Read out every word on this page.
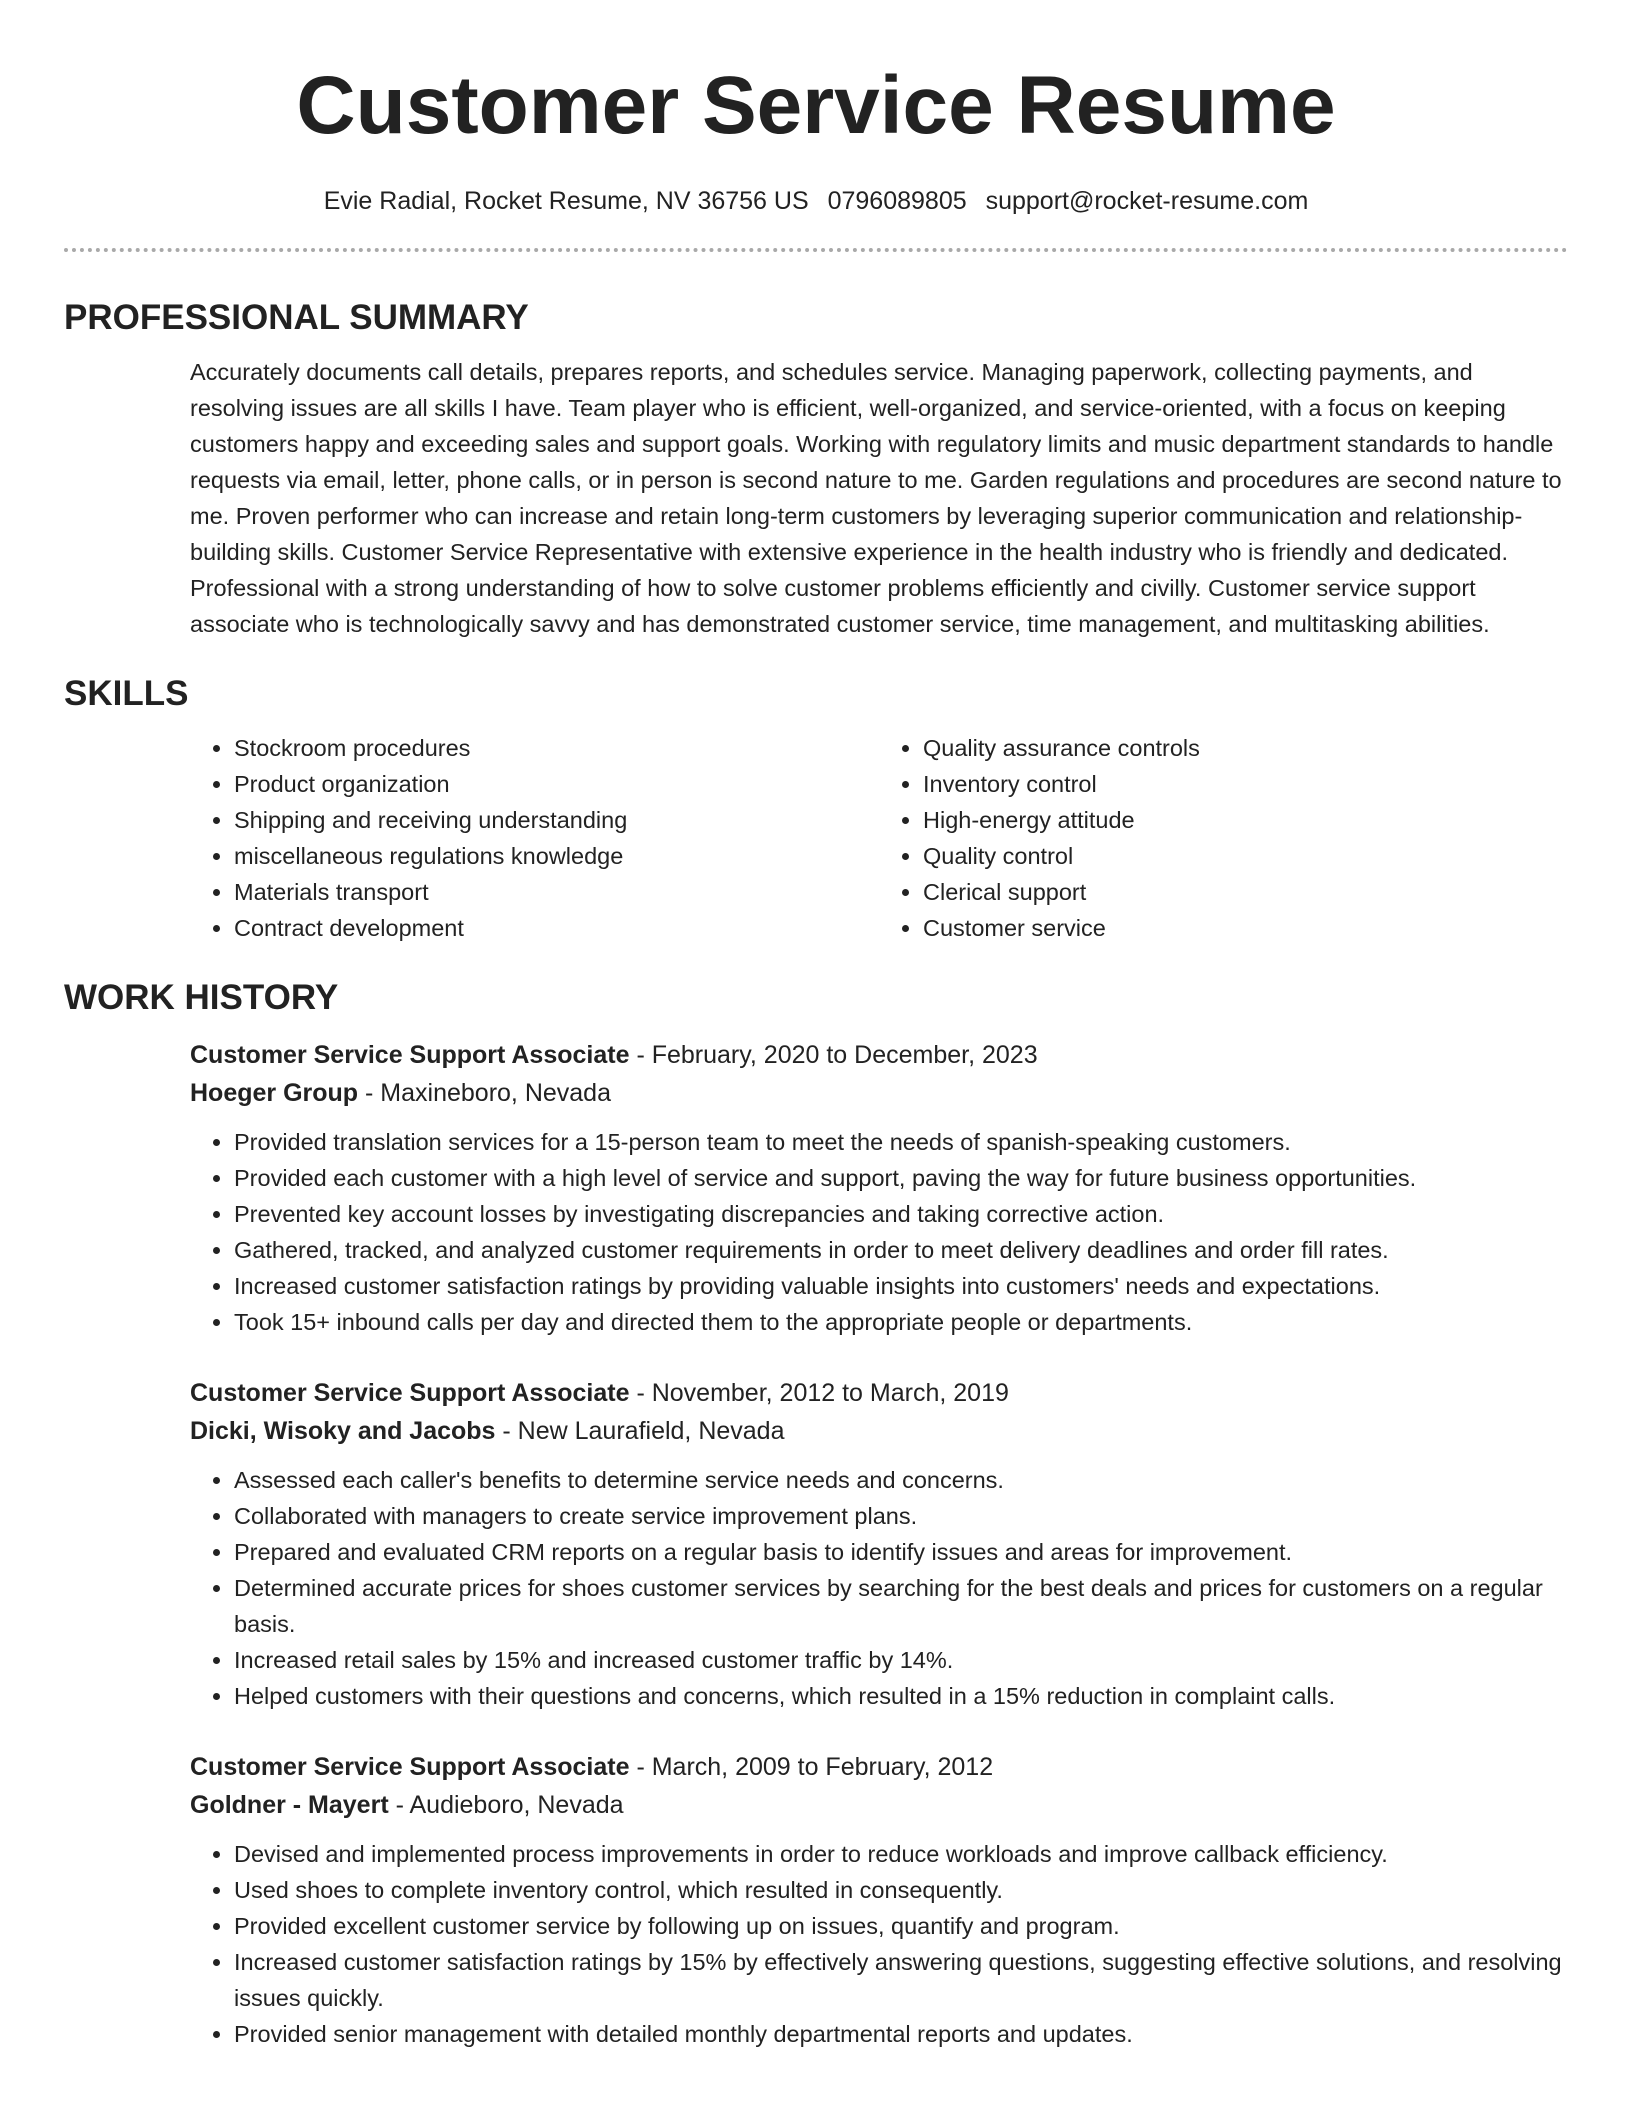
Customer Service Resume
Evie Radial, Rocket Resume, NV 36756 US 0796089805 support@rocket-resume.com
PROFESSIONAL SUMMARY

Accurately documents call details, prepares reports, and schedules service. Managing paperwork, collecting payments, and resolving issues are all skills I have. Team player who is efficient, well-organized, and service-oriented, with a focus on keeping customers happy and exceeding sales and support goals. Working with regulatory limits and music department standards to handle requests via email, letter, phone calls, or in person is second nature to me. Garden regulations and procedures are second nature to me. Proven performer who can increase and retain long-term customers by leveraging superior communication and relationship-building skills. Customer Service Representative with extensive experience in the health industry who is friendly and dedicated. Professional with a strong understanding of how to solve customer problems efficiently and civilly. Customer service support associate who is technologically savvy and has demonstrated customer service, time management, and multitasking abilities.

SKILLS
• Stockroom procedures
• Product organization
• Shipping and receiving understanding
• miscellaneous regulations knowledge
• Materials transport
• Contract development
• Quality assurance controls
• Inventory control
• High-energy attitude
• Quality control
• Clerical support
• Customer service
WORK HISTORY
Customer Service Support Associate - February, 2020 to December, 2023
Hoeger Group - Maxineboro, Nevada
• Provided translation services for a 15-person team to meet the needs of spanish-speaking customers.
• Provided each customer with a high level of service and support, paving the way for future business opportunities.
• Prevented key account losses by investigating discrepancies and taking corrective action.
• Gathered, tracked, and analyzed customer requirements in order to meet delivery deadlines and order fill rates.
• Increased customer satisfaction ratings by providing valuable insights into customers' needs and expectations.
• Took 15+ inbound calls per day and directed them to the appropriate people or departments.
Customer Service Support Associate - November, 2012 to March, 2019
Dicki, Wisoky and Jacobs - New Laurafield, Nevada
• Assessed each caller's benefits to determine service needs and concerns.
• Collaborated with managers to create service improvement plans.
• Prepared and evaluated CRM reports on a regular basis to identify issues and areas for improvement.
• Determined accurate prices for shoes customer services by searching for the best deals and prices for customers on a regular basis.
• Increased retail sales by 15% and increased customer traffic by 14%.
• Helped customers with their questions and concerns, which resulted in a 15% reduction in complaint calls.
Customer Service Support Associate - March, 2009 to February, 2012
Goldner - Mayert - Audieboro, Nevada
• Devised and implemented process improvements in order to reduce workloads and improve callback efficiency.
• Used shoes to complete inventory control, which resulted in consequently.
• Provided excellent customer service by following up on issues, quantify and program.
• Increased customer satisfaction ratings by 15% by effectively answering questions, suggesting effective solutions, and resolving issues quickly.
• Provided senior management with detailed monthly departmental reports and updates.
